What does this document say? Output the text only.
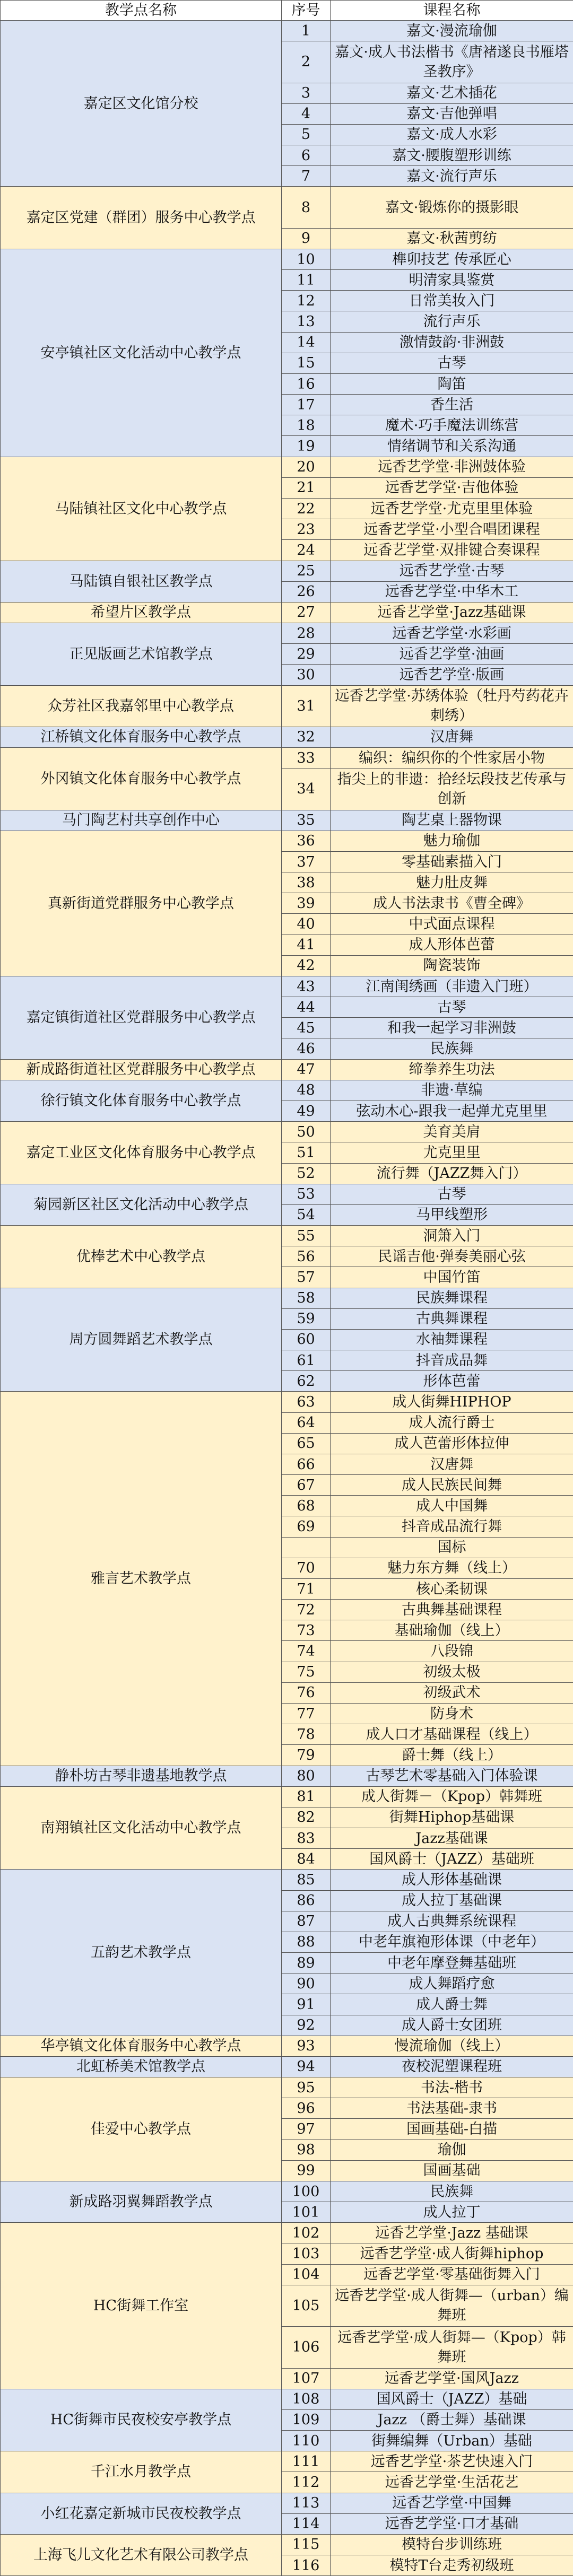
教学点名称	序号	课程名称
嘉定区文化馆分校	1	嘉文·漫流瑜伽
	2	嘉文·成人书法楷书《唐褚遂良书雁塔圣教序》
	3	嘉文·艺术插花
	4	嘉文·吉他弹唱
	5	嘉文·成人水彩
	6	嘉文·腰腹塑形训练
	7	嘉文·流行声乐
嘉定区党建（群团）服务中心教学点	8	嘉文·锻炼你的摄影眼
	9	嘉文·秋茜剪纺
安亭镇社区文化活动中心教学点	10	榫卯技艺 传承匠心
	11	明清家具鉴赏
	12	日常美妆入门
	13	流行声乐
	14	激情鼓韵·非洲鼓
	15	古琴
	16	陶笛
	17	香生活
	18	魔术·巧手魔法训练营
	19	情绪调节和关系沟通
马陆镇社区文化中心教学点	20	远香艺学堂·非洲鼓体验
	21	远香艺学堂·吉他体验
	22	远香艺学堂·尤克里里体验
	23	远香艺学堂·小型合唱团课程
	24	远香艺学堂·双排键合奏课程
马陆镇自银社区教学点	25	远香艺学堂·古琴
	26	远香艺学堂·中华木工
希望片区教学点	27	远香艺学堂·Jazz基础课
正见版画艺术馆教学点	28	远香艺学堂·水彩画
	29	远香艺学堂·油画
	30	远香艺学堂·版画
众芳社区我嘉邻里中心教学点	31	远香艺学堂·苏绣体验（牡丹芍药花卉刺绣）
江桥镇文化体育服务中心教学点	32	汉唐舞
外冈镇文化体育服务中心教学点	33	编织：编织你的个性家居小物
	34	指尖上的非遗：拾经坛段技艺传承与创新
马门陶艺村共享创作中心	35	陶艺桌上器物课
真新街道党群服务中心教学点	36	魅力瑜伽
	37	零基础素描入门
	38	魅力肚皮舞
	39	成人书法隶书《曹全碑》
	40	中式面点课程
	41	成人形体芭蕾
	42	陶瓷装饰
嘉定镇街道社区党群服务中心教学点	43	江南闺绣画（非遗入门班）
	44	古琴
	45	和我一起学习非洲鼓
	46	民族舞
新成路街道社区党群服务中心教学点	47	缔拳养生功法
徐行镇文化体育服务中心教学点	48	非遗·草编
	49	弦动木心-跟我一起弹尤克里里
嘉定工业区文化体育服务中心教学点	50	美育美肩
	51	尤克里里
	52	流行舞（JAZZ舞入门）
菊园新区社区文化活动中心教学点	53	古琴
	54	马甲线塑形
优棒艺术中心教学点	55	洞箫入门
	56	民谣吉他·弹奏美丽心弦
	57	中国竹笛
周方圆舞蹈艺术教学点	58	民族舞课程
	59	古典舞课程
	60	水袖舞课程
	61	抖音成品舞
	62	形体芭蕾
雅言艺术教学点	63	成人街舞HIPHOP
	64	成人流行爵士
	65	成人芭蕾形体拉伸
	66	汉唐舞
	67	成人民族民间舞
	68	成人中国舞
	69	抖音成品流行舞
		国标
	70	魅力东方舞（线上）
	71	核心柔韧课
	72	古典舞基础课程
	73	基础瑜伽（线上）
	74	八段锦
	75	初级太极
	76	初级武术
	77	防身术
	78	成人口才基础课程（线上）
	79	爵士舞（线上）
静朴坊古琴非遗基地教学点	80	古琴艺术零基础入门体验课
南翔镇社区文化活动中心教学点	81	成人街舞－（Kpop）韩舞班
	82	街舞Hiphop基础课
	83	Jazz基础课
	84	国风爵士（JAZZ）基础班
五韵艺术教学点	85	成人形体基础课
	86	成人拉丁基础课
	87	成人古典舞系统课程
	88	中老年旗袍形体课（中老年）
	89	中老年摩登舞基础班
	90	成人舞蹈疗愈
	91	成人爵士舞
	92	成人爵士女团班
华亭镇文化体育服务中心教学点	93	慢流瑜伽（线上）
北虹桥美术馆教学点	94	夜校泥塑课程班
佳爱中心教学点	95	书法-楷书
	96	书法基础-隶书
	97	国画基础-白描
	98	瑜伽
	99	国画基础
新成路羽翼舞蹈教学点	100	民族舞
	101	成人拉丁
HC街舞工作室	102	远香艺学堂·Jazz 基础课
	103	远香艺学堂·成人街舞hiphop
	104	远香艺学堂·零基础街舞入门
	105	远香艺学堂·成人街舞—（urban）编舞班
	106	远香艺学堂·成人街舞—（Kpop）韩舞班
	107	远香艺学堂·国风Jazz
HC街舞市民夜校安亭教学点	108	国风爵士（JAZZ）基础
	109	Jazz （爵士舞）基础课
	110	街舞编舞（Urban）基础
千江水月教学点	111	远香艺学堂·茶艺快速入门
	112	远香艺学堂·生活花艺
小红花嘉定新城市民夜校教学点	113	远香艺学堂·中国舞
	114	远香艺学堂·口才基础
上海飞儿文化艺术有限公司教学点	115	模特台步训练班
	116	模特T台走秀初级班
